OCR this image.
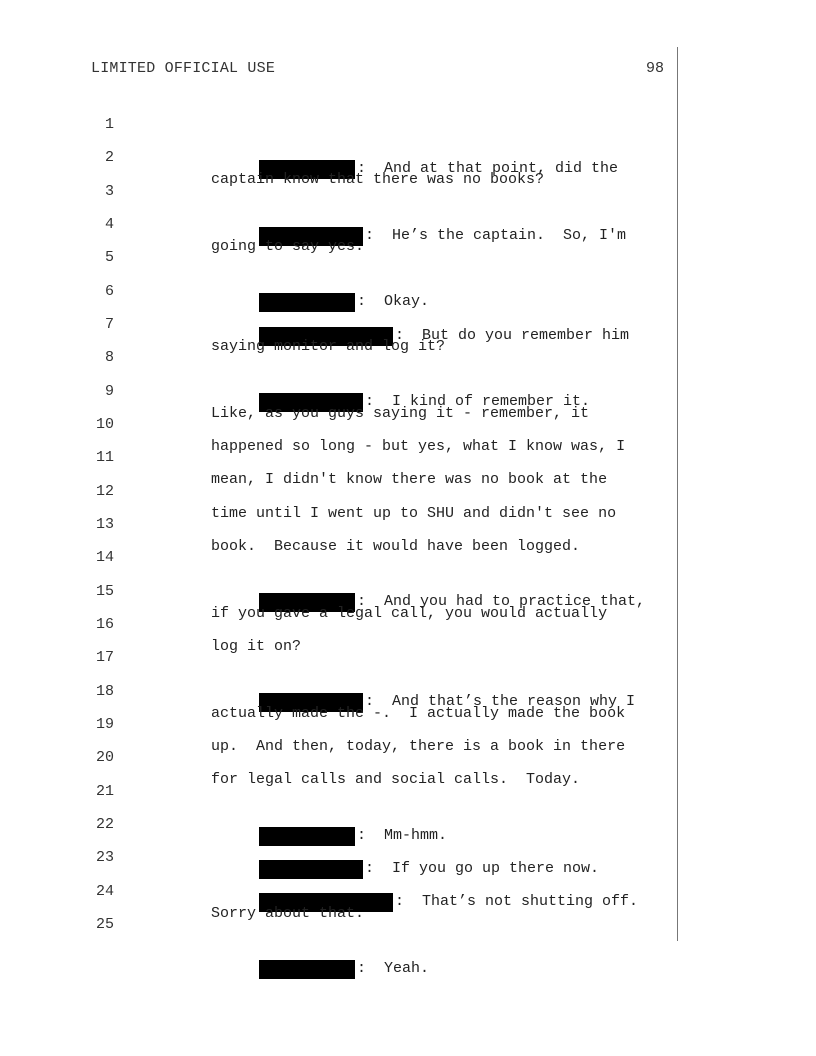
LIMITED OFFICIAL USE	98

1

:  And at that point, did the

2

captain know that there was no books?

3

:  He’s the captain.  So, I'm

4

going to say yes.

5

:  Okay.

6

:  But do you remember him

7

saying monitor and log it?

8

:  I kind of remember it.

9

Like, as you guys saying it - remember, it

10

happened so long - but yes, what I know was, I

11

mean, I didn't know there was no book at the

12

time until I went up to SHU and didn't see no

13

book.  Because it would have been logged.

14

:  And you had to practice that,

15

if you gave a legal call, you would actually

16

log it on?

17

:  And that’s the reason why I

18

actually made the -.  I actually made the book

19

up.  And then, today, there is a book in there

20

for legal calls and social calls.  Today.

21

:  Mm-hmm.

22

:  If you go up there now.

23

:  That’s not shutting off.

24

Sorry about that.

25

:  Yeah.
